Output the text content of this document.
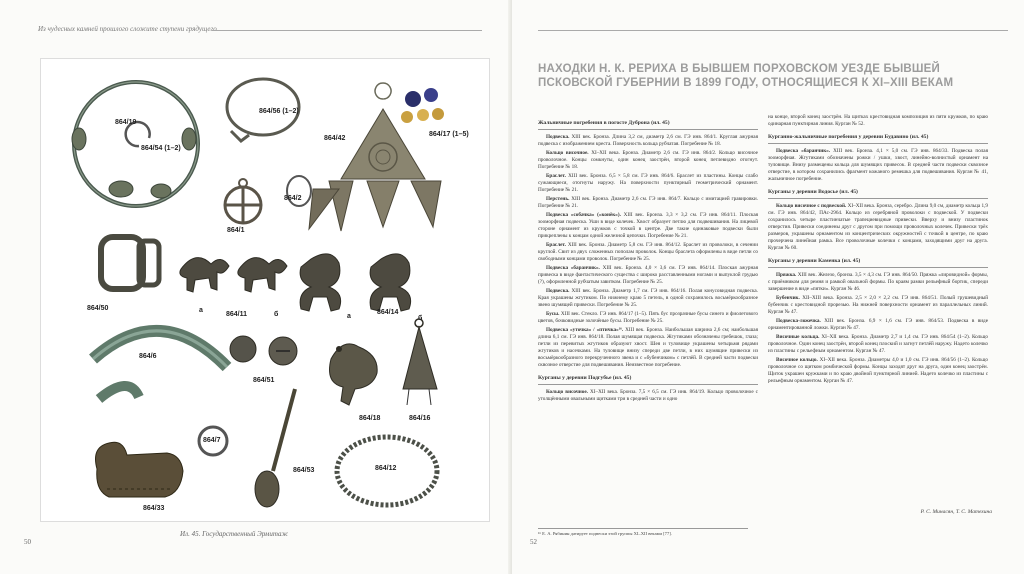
Из чудесных камней прошлого сложите ступени грядущего
864/19
864/54 (1–2)
864/56 (1–2)
864/42
864/17 (1–5)
864/1
864/2
864/50
864/11	864/14
а
б	а	б
864/6
864/51
864/18	864/16
864/7
864/53	864/12
864/33
Ил. 45. Государственный Эрмитаж
50
НАХОДКИ Н. К. РЕРИХА В БЫВШЕМ ПОРХОВСКОМ УЕЗДЕ БЫВШЕЙ ПСКОВСКОЙ ГУБЕРНИИ В 1899 ГОДУ, ОТНОСЯЩИЕСЯ К XI–XIII ВЕКАМ
Жальничные погребения в погосте Дуброна (ил. 45)
Подвеска. XIII век. Бронза. Длина 3,2 см, диаметр 2,6 см. ГЭ инв. 864/1. Круглая ажурная подвеска с изображением креста. Поверхность кольца рубчатая. Погребение № 18.
Кольцо височное. XI–XII века. Бронза. Диаметр 2,6 см. ГЭ инв. 864/2. Кольцо височное проволочное. Концы сомкнуты, один конец заострён, второй конец петлевидно отогнут. Погребение № 18.
Браслет. XIII век. Бронза. 6,5 × 5,8 см. ГЭ инв. 864/6. Браслет из пластины. Концы слабо сужающиеся, отогнуты наружу. На поверхности пунктирный геометрический орнамент. Погребение № 21.
Перстень. XIII век. Бронза. Диаметр 2,6 см. ГЭ инв. 864/7. Кольцо с имитацией гравировки. Погребение № 21.
Подвеска «собачка» («конёк»). XIII век. Бронза. 3,3 × 3,2 см. ГЭ инв. 864/11. Плоская зооморфная подвеска. Уши в виде колечек. Хвост образует петлю для подвешивания. На лицевой стороне орнамент из кружков с точкой в центре. Две такие одинаковые подвески были прикреплены к концам одной железной цепочки. Погребение № 21.
Браслет. XIII век. Бронза. Диаметр 5,8 см. ГЭ инв. 864/12. Браслет из проволоки, в сечении круглой. Свит из двух сложенных пополам проволок. Концы браслета оформлены в виде петли со свободными концами проволок. Погребение № 25.
Подвеска «баранчик». XIII век. Бронза. 4,0 × 3,6 см. ГЭ инв. 864/14. Плоская ажурная привеска в виде фантастического существа с широко расставленными ногами и выпуклой грудью (?), оформленной рубчатым завитком. Погребение № 25.
Подвеска. XIII век. Бронза. Диаметр 1,7 см. ГЭ инв. 864/16. Полая конусовидная подвеска. Края украшены жгутиком. По нижнему краю 5 петель, в одной сохранилось восьмёркообразное звено шумящей привески. Погребение № 25.
Бусы. XIII век. Стекло. ГЭ инв. 864/17 (1–5). Пять бус прозрачные бусы синего и фиолетового цветов, бочковидные золочёные бусы. Погребение № 25.
Подвеска «уточка» / «птичка»¹⁶. XIII век. Бронза. Наибольшая ширина 2,6 см; наибольшая длина 6,1 см. ГЭ инв. 864/18. Полая шумящая подвеска. Жгутиками обозначены гребешок, глаза; петли из перевитых жгутиков образуют хвост. Шея и туловище украшены четырьмя рядами жгутиков и насечками. На туловище внизу спереди две петли, в них шумящие привески из восьмёркообразного перекрученного звена и с «бубенчиком» с петлёй. В средней части подвески сквозное отверстие для подвешивания. Неизвестное погребение.
Курганы у деревни Подгубье (ил. 45)
Кольцо височное. XI–XII века. Бронза. 7,5 × 6,5 см. ГЭ инв. 864/19. Кольцо проволочное с утолщёнными овальными щитками три в средней части и одно
на конце, второй конец заострён. На щитках крестовидная композиция из пяти кружков, по краю одинарная пунктирная линия. Курган № 52.
Курганно-жальничные погребения у деревни Будавино (ил. 45)
Подвеска «баранчик». XIII век. Бронза. 4,1 × 5,0 см. ГЭ инв. 864/33. Подвеска полая зооморфная. Жгутиками обозначены рожки / ушки, хвост, линейно-волнистый орнамент на туловище. Внизу размещены кольца для шумящих привесок. В средней части подвески сквозное отверстие, в котором сохранились фрагмент кожаного ремешка для подвешивания. Курган № 41, жальничное погребение.
Курганы у деревни Водосье (ил. 45)
Кольцо височное с подвеской. XI–XII века. Бронза, серебро. Длина 9,0 см, диаметр кольца 1,9 см. ГЭ инв. 864/42, ПАс-2964. Кольцо из серебряной проволоки с подвеской. У подвески сохранилось четыре пластинчатые трапециевидные привески. Вверху и внизу пластинок отверстия. Привески соединены друг с другом при помощи проволочных колечек. Привески трёх размеров, украшены орнаментом из концентрических окружностей с точкой в центре, по краю прочерчена линейная рамка. Все проволочные колечки с концами, заходящими друг на друга. Курган № 60.
Курганы у деревни Каменка (ил. 45)
Пряжка. XIII век. Железо, бронза. 3,5 × 4,3 см. ГЭ инв. 864/50. Пряжка «лировидной» формы, с приёмником для ремня и рамкой овальной формы. По краям рамки рельефный бортик, спереди завершение в виде «пятки». Курган № 46.
Бубенчик. XII–XIII века. Бронза. 2,5 × 2,0 × 2,2 см. ГЭ инв. 864/51. Полый грушевидный бубенчик с крестовидной прорезью. На нижней поверхности орнамент из параллельных линий. Курган № 47.
Подвеска-ложечка. XIII век. Бронза. 6,9 × 1,6 см. ГЭ инв. 864/53. Подвеска в виде орнаментированной ложки. Курган № 47.
Височные кольца. XI–XII века. Бронза. Диаметр 2,7 и 1,4 см. ГЭ инв. 864/54 (1–2). Кольцо проволочное. Один конец заострён, второй конец плоский и загнут петлёй наружу. Надето колечко из пластины с рельефным орнаментом. Курган № 47.
Височное кольцо. XI–XII века. Бронза. Диаметры 4,0 и 1,0 см. ГЭ инв. 864/56 (1–2). Кольцо проволочное со щитком ромбической формы. Концы заходят друг на друга, один конец заострён. Щиток украшен кружками и по краю двойной пунктирной линией. Надето колечко из пластины с рельефным орнаментом. Курган № 47.
Р. С. Минасян, Т. С. Матехина
¹⁶ Е. А. Рябинин датирует подвески этой группы XI–XII веками [77].
52
